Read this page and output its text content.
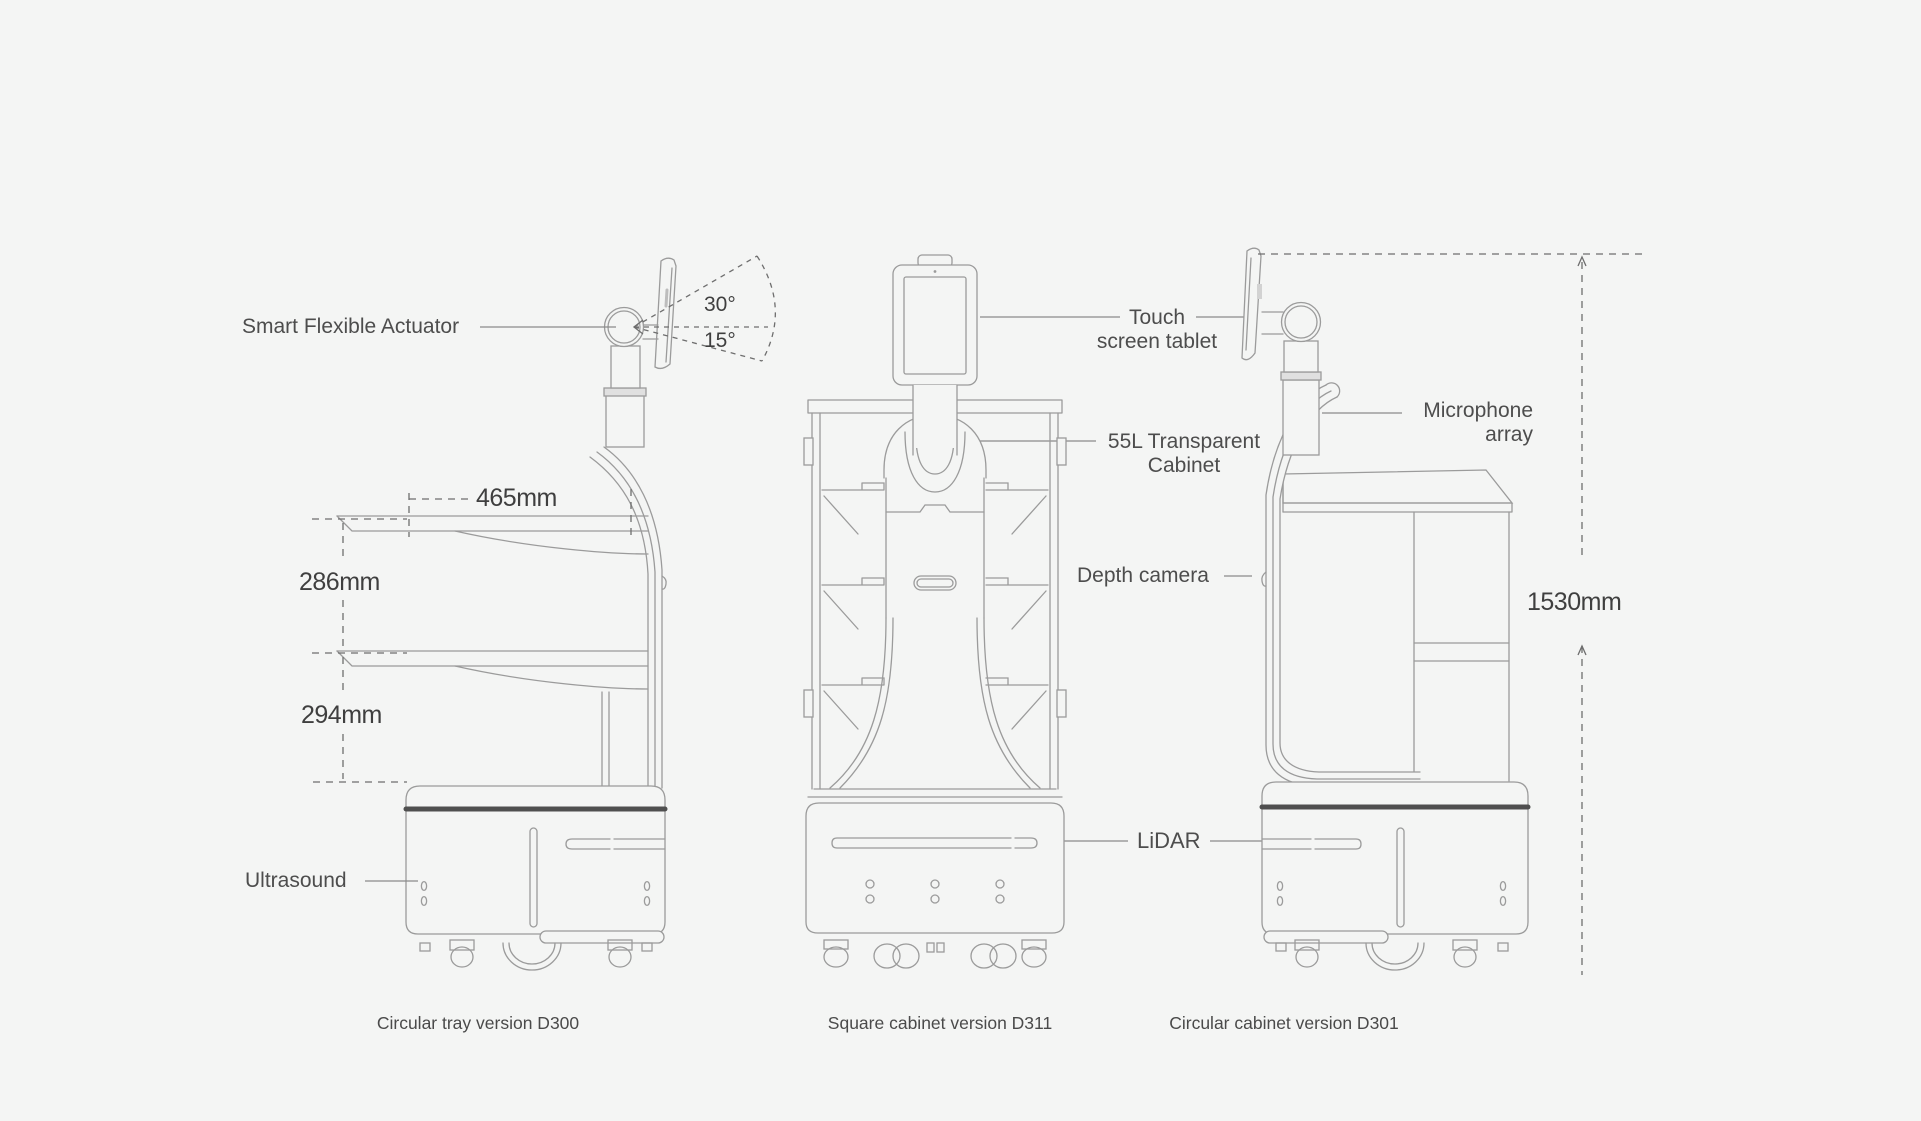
Smart Flexible Actuator
30°
15°
465mm
286mm
294mm
1530mm
Ultrasound
Touch
screen tablet
55L Transparent
Cabinet
Microphone
array
Depth camera
LiDAR
Circular tray version D300	Square cabinet version D311	Circular cabinet version D301
